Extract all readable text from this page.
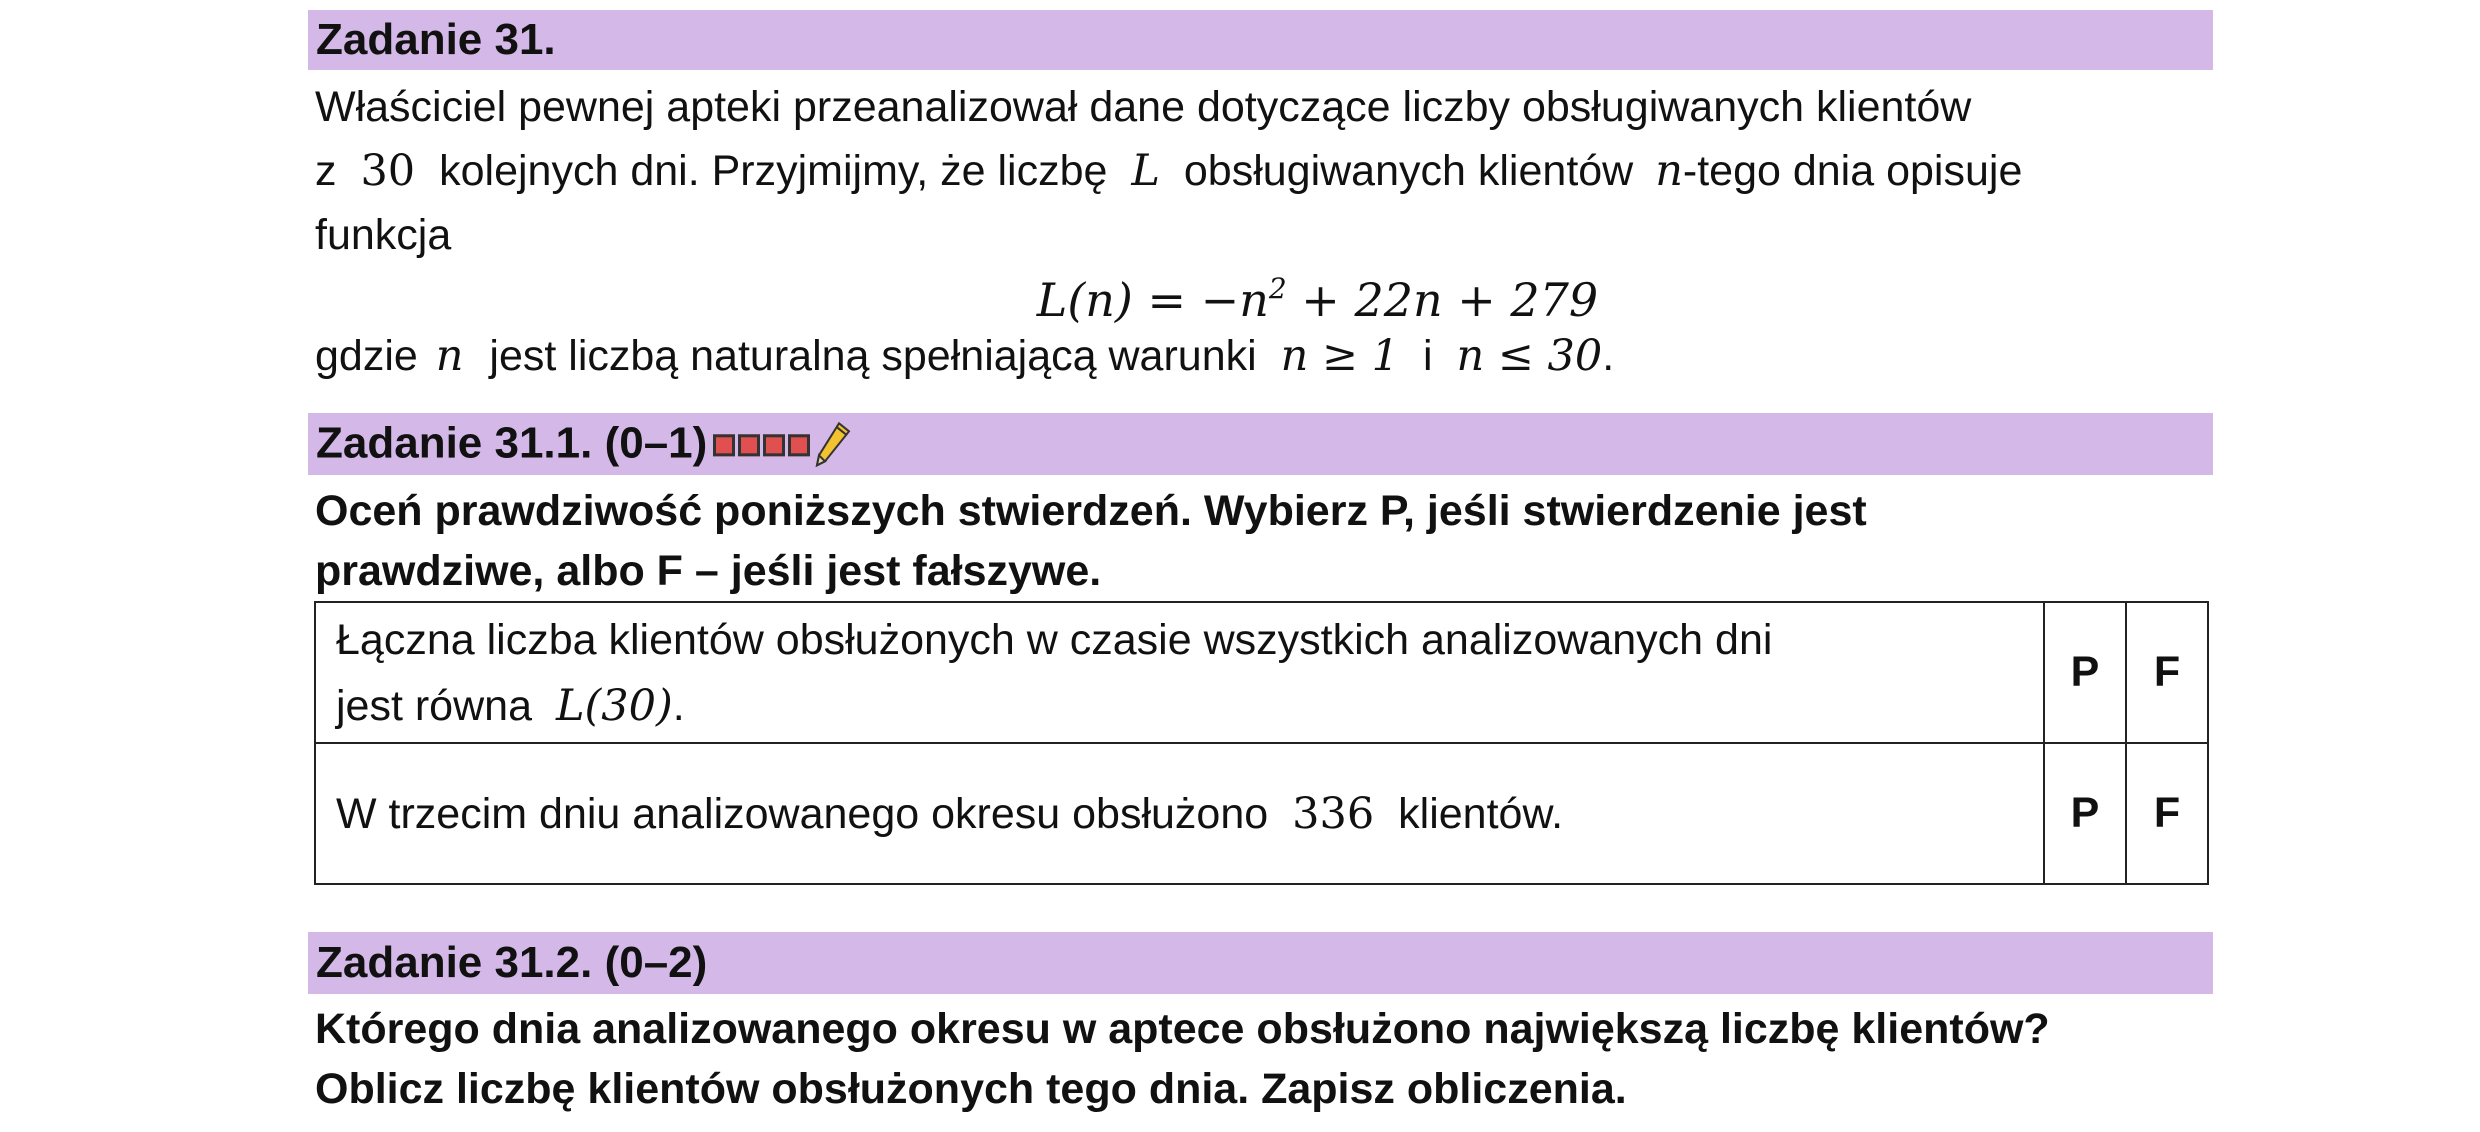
Zadanie 31.
Właściciel pewnej apteki przeanalizował dane dotyczące liczby obsługiwanych klientów
z 30 kolejnych dni. Przyjmijmy, że liczbę L obsługiwanych klientów n-tego dnia opisuje
funkcja
$L(n) = -n^2 + 22n + 279$
gdzie n jest liczbą naturalną spełniającą warunki n ≥ 1 i n ≤ 30.
Zadanie 31.1. (0–1)
Oceń prawdziwość poniższych stwierdzeń. Wybierz P, jeśli stwierdzenie jest
prawdziwe, albo F – jeśli jest fałszywe.
Łączna liczba klientów obsłużonych w czasie wszystkich analizowanych dni
jest równa L(30).	P	F
W trzecim dniu analizowanego okresu obsłużono 336 klientów.	P	F
Zadanie 31.2. (0–2)
Którego dnia analizowanego okresu w aptece obsłużono największą liczbę klientów?
Oblicz liczbę klientów obsłużonych tego dnia. Zapisz obliczenia.
